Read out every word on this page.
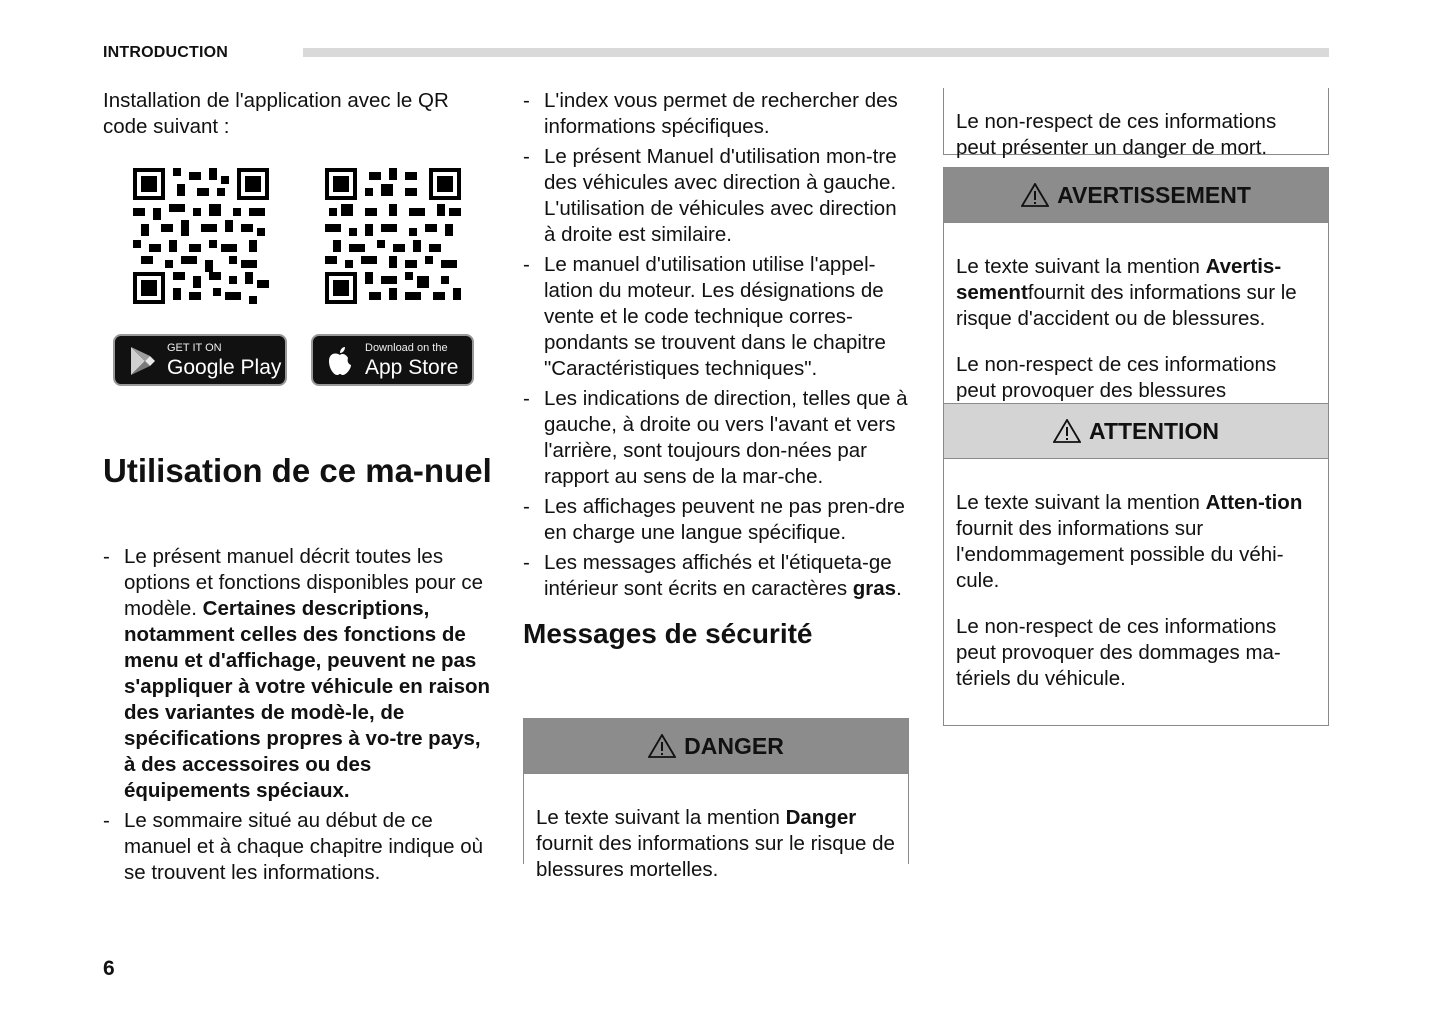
INTRODUCTION

Installation de l'application avec le QR code suivant :

GET IT ON
Google Play
Download on the
App Store
Utilisation de ce ma-nuel
- Le présent manuel décrit toutes les options et fonctions disponibles pour ce modèle. Certaines descriptions, notamment celles des fonctions de menu et d'affichage, peuvent ne pas s'appliquer à votre véhicule en raison des variantes de modè-le, de spécifications propres à vo-tre pays, à des accessoires ou des équipements spéciaux.
- Le sommaire situé au début de ce manuel et à chaque chapitre indique où se trouvent les informations.
- L'index vous permet de rechercher des informations spécifiques.
- Le présent Manuel d'utilisation mon-tre des véhicules avec direction à gauche. L'utilisation de véhicules avec direction à droite est similaire.
- Le manuel d'utilisation utilise l'appel-lation du moteur. Les désignations de vente et le code technique corres-pondants se trouvent dans le chapitre "Caractéristiques techniques".
- Les indications de direction, telles que à gauche, à droite ou vers l'avant et vers l'arrière, sont toujours don-nées par rapport au sens de la mar-che.
- Les affichages peuvent ne pas pren-dre en charge une langue spécifique.
- Les messages affichés et l'étiqueta-ge intérieur sont écrits en caractères gras.
Messages de sécurité
DANGER

Le texte suivant la mention Danger fournit des informations sur le risque de blessures mortelles.

Le non-respect de ces informations peut présenter un danger de mort.

AVERTISSEMENT

Le texte suivant la mention Avertis-sementfournit des informations sur le risque d'accident ou de blessures.

Le non-respect de ces informations peut provoquer des blessures

ATTENTION

Le texte suivant la mention Atten-tion fournit des informations sur l'endommagement possible du véhi-cule.

Le non-respect de ces informations peut provoquer des dommages ma-tériels du véhicule.

6
